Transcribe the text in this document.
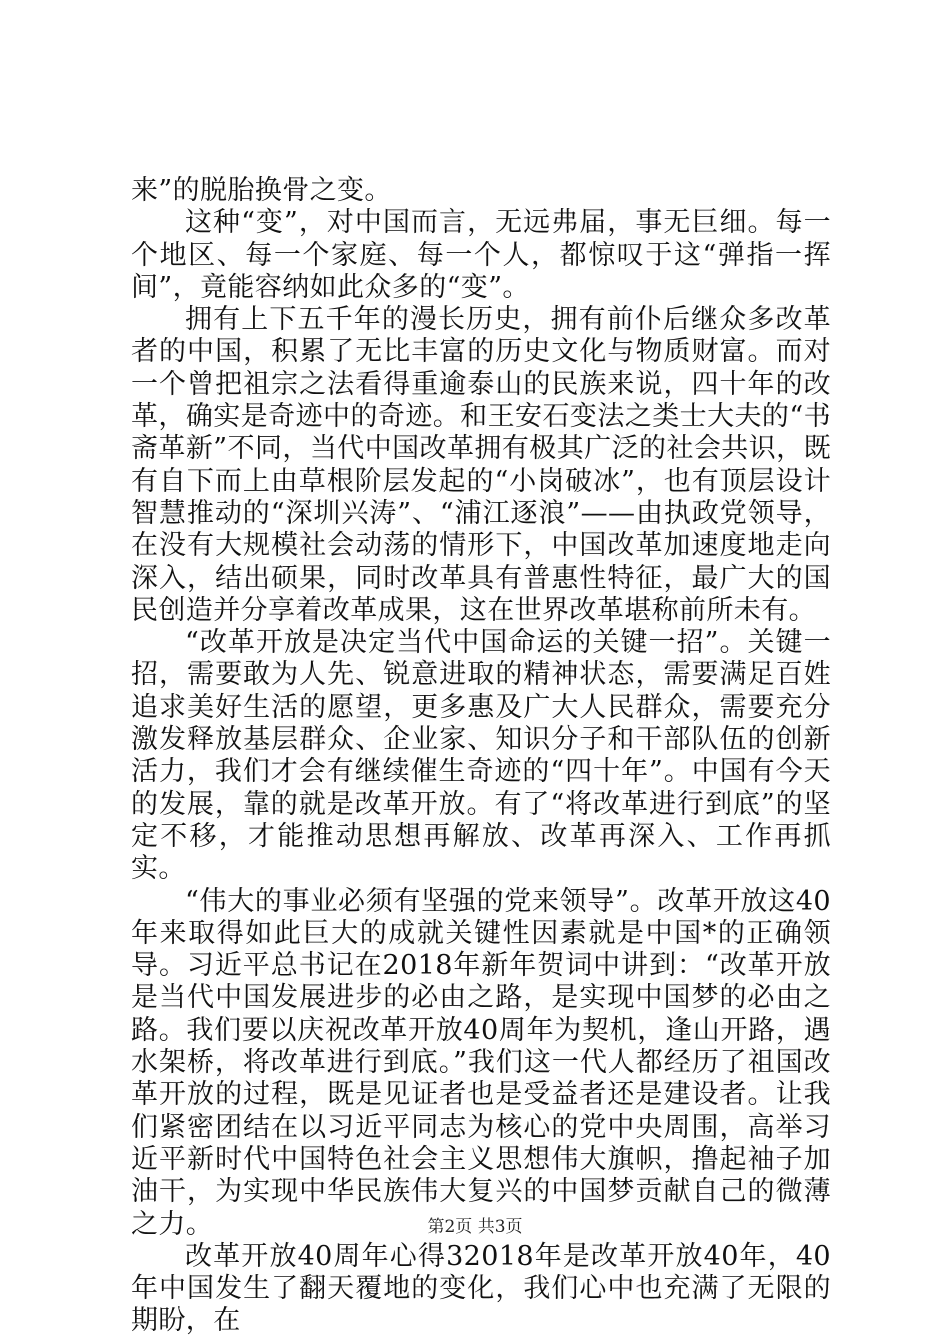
来”的脱胎换骨之变。

这种“变”，对中国而言，无远弗届，事无巨细。每一个地区、每一个家庭、每一个人，都惊叹于这“弹指一挥间”，竟能容纳如此众多的“变”。

拥有上下五千年的漫长历史，拥有前仆后继众多改革者的中国，积累了无比丰富的历史文化与物质财富。而对一个曾把祖宗之法看得重逾泰山的民族来说，四十年的改革，确实是奇迹中的奇迹。和王安石变法之类士大夫的“书斋革新”不同，当代中国改革拥有极其广泛的社会共识，既有自下而上由草根阶层发起的“小岗破冰”，也有顶层设计智慧推动的“深圳兴涛”、“浦江逐浪”——由执政党领导，在没有大规模社会动荡的情形下，中国改革加速度地走向深入，结出硕果，同时改革具有普惠性特征，最广大的国民创造并分享着改革成果，这在世界改革堪称前所未有。

“改革开放是决定当代中国命运的关键一招”。关键一招，需要敢为人先、锐意进取的精神状态，需要满足百姓追求美好生活的愿望，更多惠及广大人民群众，需要充分激发释放基层群众、企业家、知识分子和干部队伍的创新活力，我们才会有继续催生奇迹的“四十年”。中国有今天的发展，靠的就是改革开放。有了“将改革进行到底”的坚定不移，才能推动思想再解放、改革再深入、工作再抓实。

“伟大的事业必须有坚强的党来领导”。改革开放这40年来取得如此巨大的成就关键性因素就是中国*的正确领导。习近平总书记在2018年新年贺词中讲到：“改革开放是当代中国发展进步的必由之路，是实现中国梦的必由之路。我们要以庆祝改革开放40周年为契机，逢山开路，遇水架桥，将改革进行到底。”我们这一代人都经历了祖国改革开放的过程，既是见证者也是受益者还是建设者。让我们紧密团结在以习近平同志为核心的党中央周围，高举习近平新时代中国特色社会主义思想伟大旗帜，撸起袖子加油干，为实现中华民族伟大复兴的中国梦贡献自己的微薄之力。

改革开放40周年心得32018年是改革开放40年，40年中国发生了翻天覆地的变化，我们心中也充满了无限的期盼，在

第2页 共3页
